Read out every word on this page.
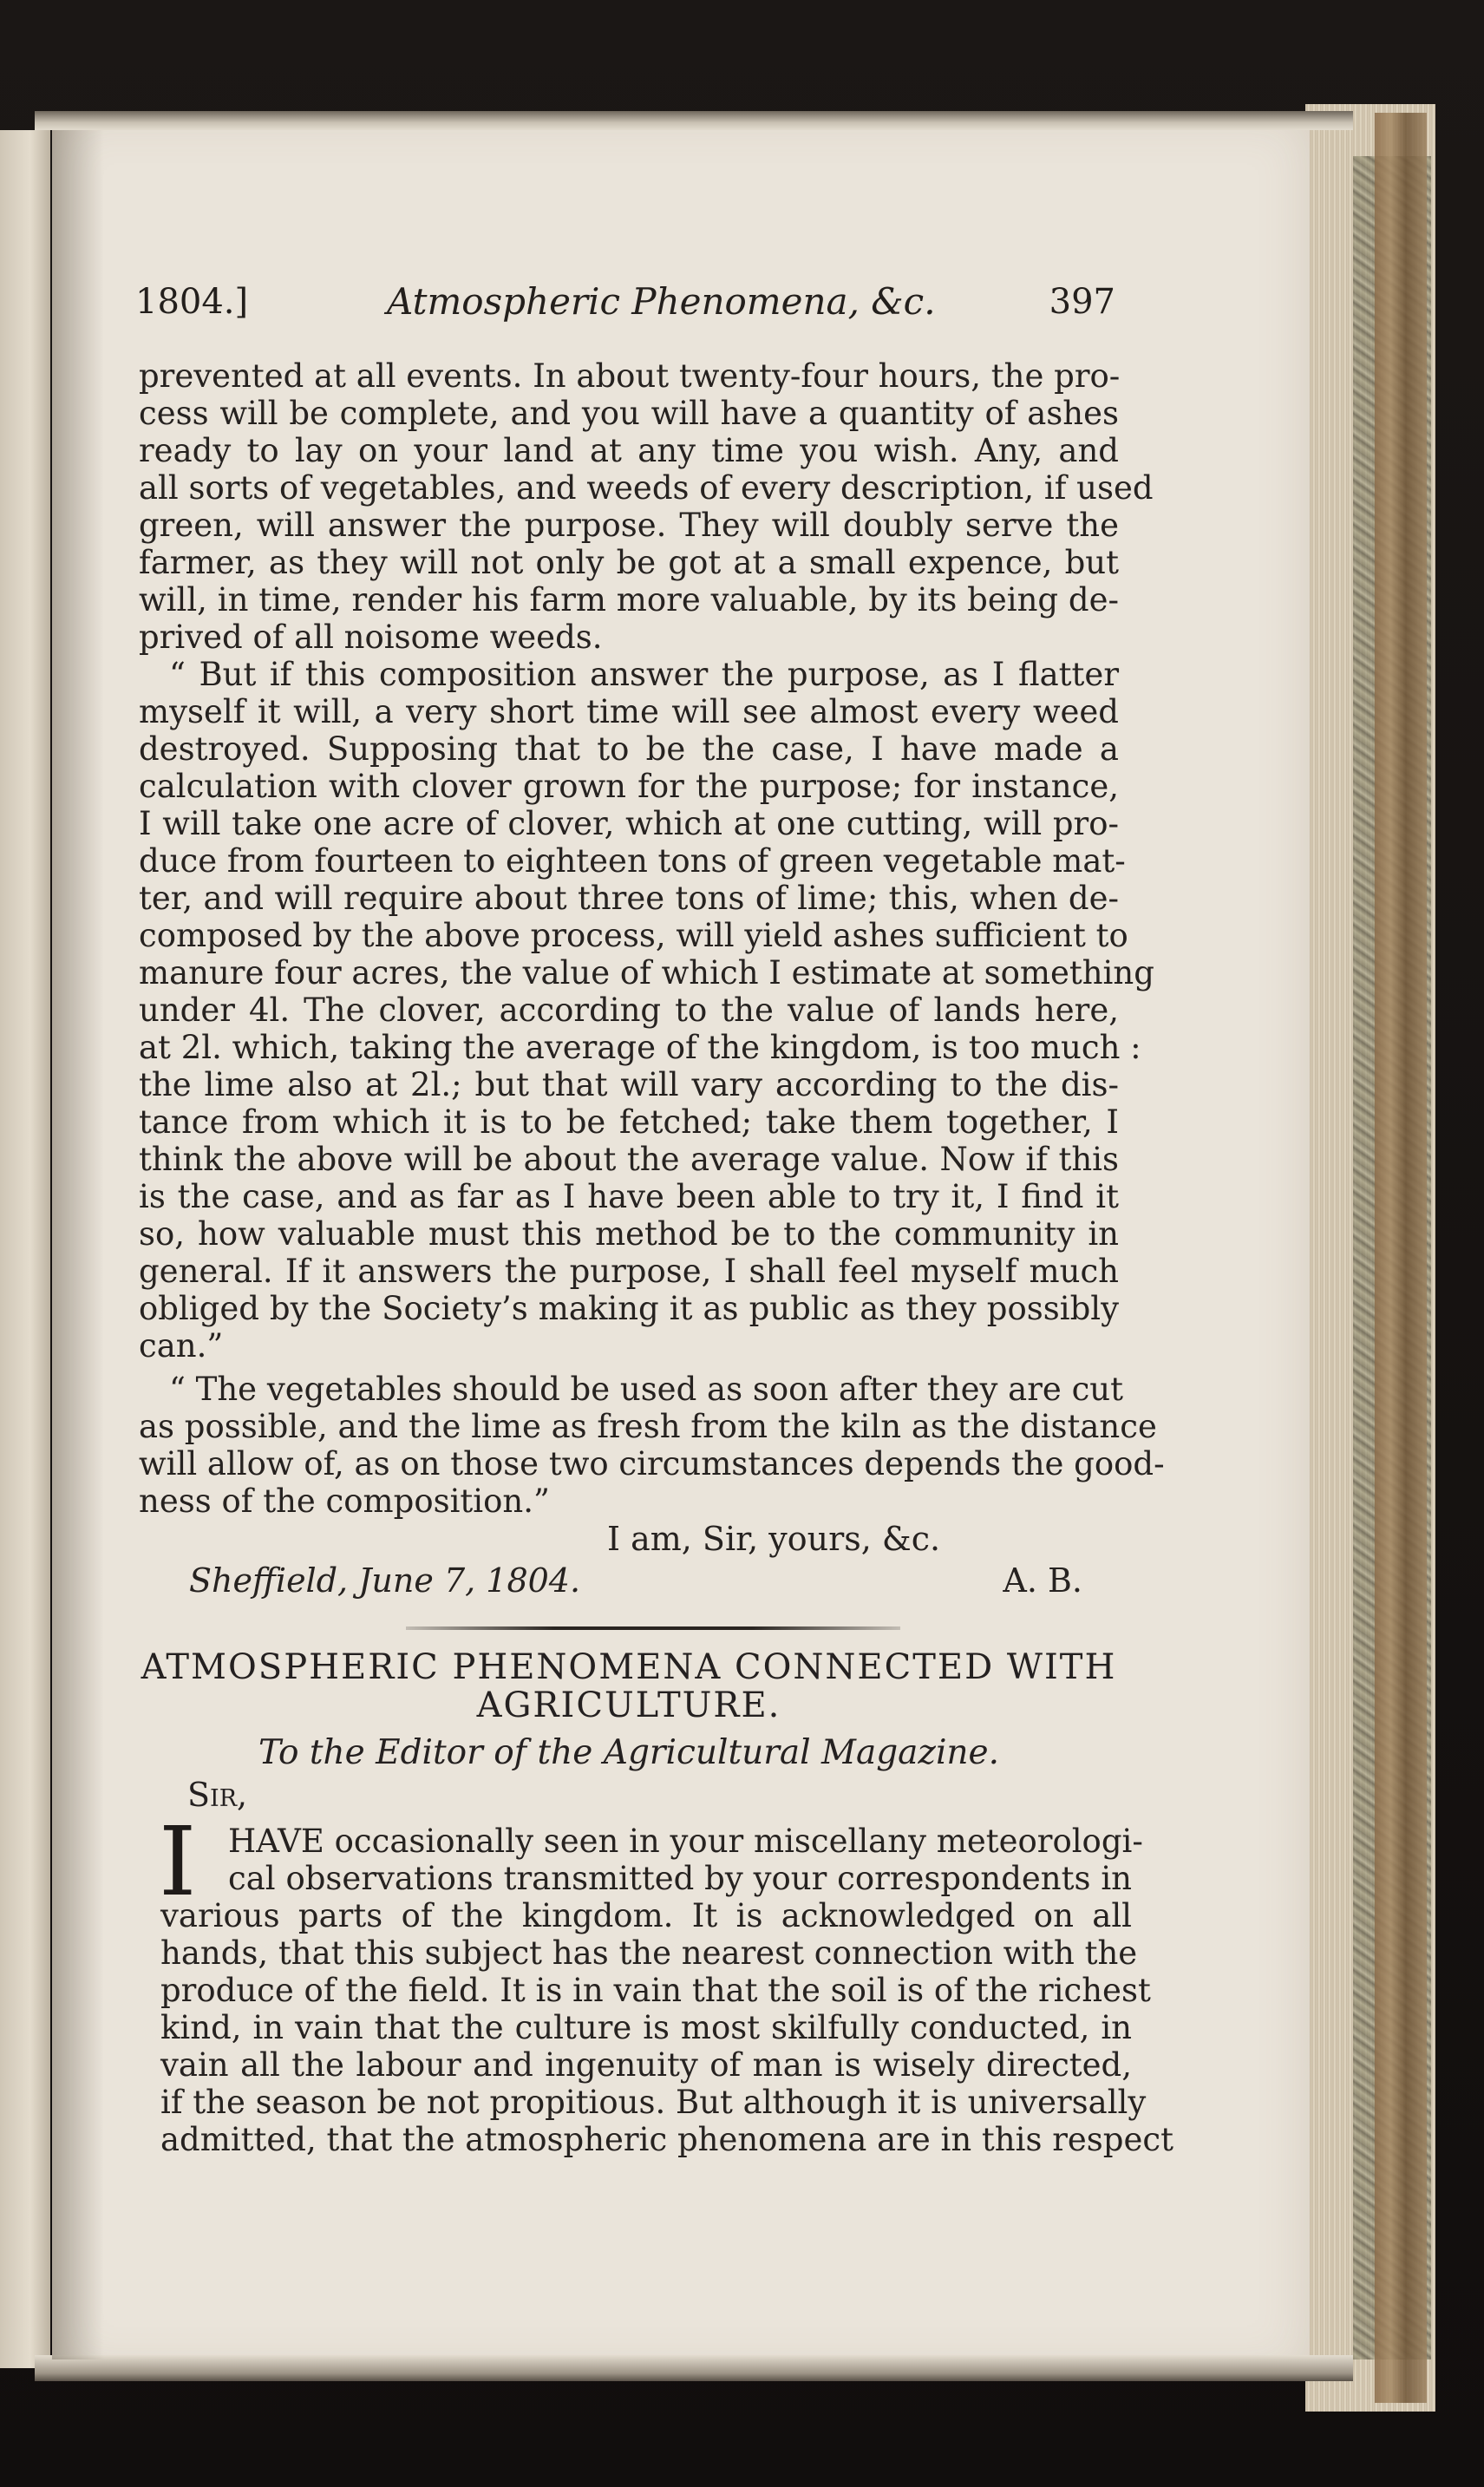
1804.]	Atmospheric Phenomena, &c.	397
prevented at all events. In about twenty-four hours, the pro-
cess will be complete, and you will have a quantity of ashes
ready to lay on your land at any time you wish. Any, and
all sorts of vegetables, and weeds of every description, if used
green, will answer the purpose. They will doubly serve the
farmer, as they will not only be got at a small expence, but
will, in time, render his farm more valuable, by its being de-
prived of all noisome weeds.
“ But if this composition answer the purpose, as I flatter
myself it will, a very short time will see almost every weed
destroyed. Supposing that to be the case, I have made a
calculation with clover grown for the purpose; for instance,
I will take one acre of clover, which at one cutting, will pro-
duce from fourteen to eighteen tons of green vegetable mat-
ter, and will require about three tons of lime; this, when de-
composed by the above process, will yield ashes sufficient to
manure four acres, the value of which I estimate at something
under 4l. The clover, according to the value of lands here,
at 2l. which, taking the average of the kingdom, is too much :
the lime also at 2l.; but that will vary according to the dis-
tance from which it is to be fetched; take them together, I
think the above will be about the average value. Now if this
is the case, and as far as I have been able to try it, I find it
so, how valuable must this method be to the community in
general. If it answers the purpose, I shall feel myself much
obliged by the Society’s making it as public as they possibly
can.”
“ The vegetables should be used as soon after they are cut
as possible, and the lime as fresh from the kiln as the distance
will allow of, as on those two circumstances depends the good-
ness of the composition.”
I am, Sir, yours, &c.
Sheffield, June 7, 1804.	A. B.
ATMOSPHERIC PHENOMENA CONNECTED WITH
AGRICULTURE.
To the Editor of the Agricultural Magazine.
Sir,
I HAVE occasionally seen in your miscellany meteorologi-
cal observations transmitted by your correspondents in
various parts of the kingdom. It is acknowledged on all
hands, that this subject has the nearest connection with the
produce of the field. It is in vain that the soil is of the richest
kind, in vain that the culture is most skilfully conducted, in
vain all the labour and ingenuity of man is wisely directed,
if the season be not propitious. But although it is universally
admitted, that the atmospheric phenomena are in this respect
